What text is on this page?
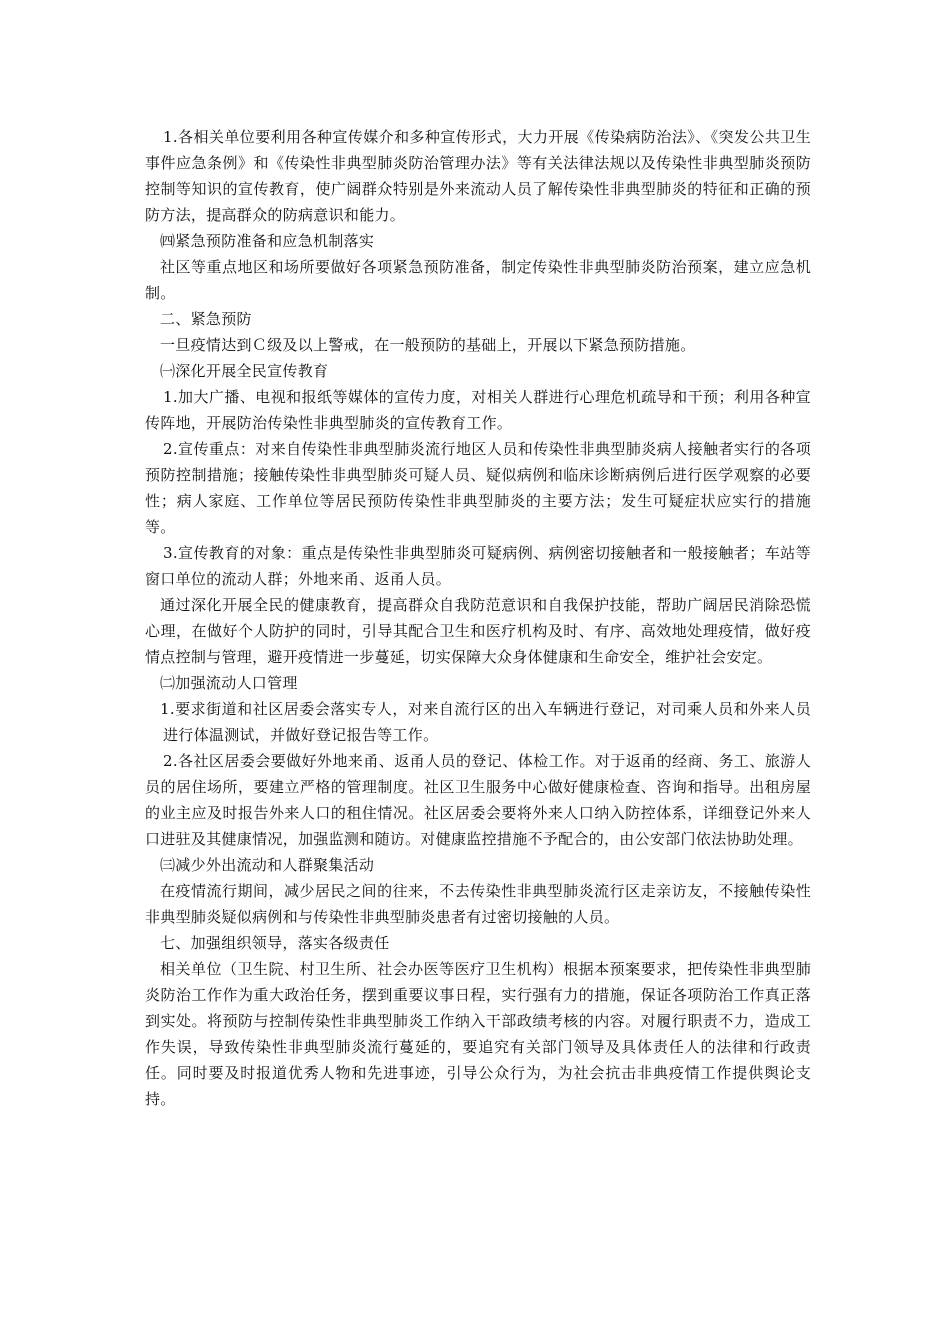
1.各相关单位要利用各种宣传媒介和多种宣传形式，大力开展《传染病防治法》、《突发公共卫生事件应急条例》和《传染性非典型肺炎防治管理办法》等有关法律法规以及传染性非典型肺炎预防控制等知识的宣传教育，使广阔群众特别是外来流动人员了解传染性非典型肺炎的特征和正确的预防方法，提高群众的防病意识和能力。

㈣紧急预防准备和应急机制落实

社区等重点地区和场所要做好各项紧急预防准备，制定传染性非典型肺炎防治预案，建立应急机制。

二、紧急预防

一旦疫情达到Ｃ级及以上警戒，在一般预防的基础上，开展以下紧急预防措施。

㈠深化开展全民宣传教育

1.加大广播、电视和报纸等媒体的宣传力度，对相关人群进行心理危机疏导和干预；利用各种宣传阵地，开展防治传染性非典型肺炎的宣传教育工作。

2.宣传重点：对来自传染性非典型肺炎流行地区人员和传染性非典型肺炎病人接触者实行的各项预防控制措施；接触传染性非典型肺炎可疑人员、疑似病例和临床诊断病例后进行医学观察的必要性；病人家庭、工作单位等居民预防传染性非典型肺炎的主要方法；发生可疑症状应实行的措施等。

3.宣传教育的对象：重点是传染性非典型肺炎可疑病例、病例密切接触者和一般接触者；车站等窗口单位的流动人群；外地来甬、返甬人员。

通过深化开展全民的健康教育，提高群众自我防范意识和自我保护技能，帮助广阔居民消除恐慌心理，在做好个人防护的同时，引导其配合卫生和医疗机构及时、有序、高效地处理疫情，做好疫情点控制与管理，避开疫情进一步蔓延，切实保障大众身体健康和生命安全，维护社会安定。

㈡加强流动人口管理

1.要求街道和社区居委会落实专人，对来自流行区的出入车辆进行登记，对司乘人员和外来人员进行体温测试，并做好登记报告等工作。

2.各社区居委会要做好外地来甬、返甬人员的登记、体检工作。对于返甬的经商、务工、旅游人员的居住场所，要建立严格的管理制度。社区卫生服务中心做好健康检查、咨询和指导。出租房屋的业主应及时报告外来人口的租住情况。社区居委会要将外来人口纳入防控体系，详细登记外来人口进驻及其健康情况，加强监测和随访。对健康监控措施不予配合的，由公安部门依法协助处理。

㈢减少外出流动和人群聚集活动

在疫情流行期间，减少居民之间的往来，不去传染性非典型肺炎流行区走亲访友，不接触传染性非典型肺炎疑似病例和与传染性非典型肺炎患者有过密切接触的人员。

七、加强组织领导，落实各级责任

相关单位（卫生院、村卫生所、社会办医等医疗卫生机构）根据本预案要求，把传染性非典型肺炎防治工作作为重大政治任务，摆到重要议事日程，实行强有力的措施，保证各项防治工作真正落到实处。将预防与控制传染性非典型肺炎工作纳入干部政绩考核的内容。对履行职责不力，造成工作失误，导致传染性非典型肺炎流行蔓延的，要追究有关部门领导及具体责任人的法律和行政责任。同时要及时报道优秀人物和先进事迹，引导公众行为，为社会抗击非典疫情工作提供舆论支持。
